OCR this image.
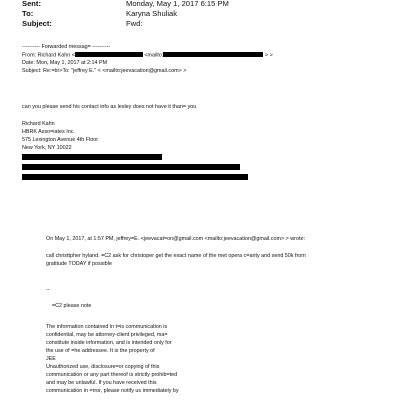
Sent:	Monday, May 1, 2017 6:15 PM
To:	Karyna Shuliak
Subject:	Fwd:
---------- Forwarded messag= ----------
From: Richard Kahn <	<mailto:	> >
Date: Mon, May 1, 2017 at 2:14 PM
Subject: Re:=br>To: "jeffrey E." < <mailto:jeevacation@gmail.com> >
can you please send his contact info as lesley does not have it than= you
Richard Kahn
HBRK Asso=iates Inc.
575 Lexington Avenue 4th Floor
New York, NY 10022
On May 1, 2017, at 1:57 PM, jeffrey=E. <jeevacat=on@gmail.com <mailto:jeevacation@gmail.com> > wrote:
call christtpher hyland. =C2 ask for christoper get the exact name of the met opera c=arity and send 50k from
gratitude TODAY if possible
--
=C2 please note
The information contained in t=is communication is
confidential, may be attorney-client privileged, ma=
constitute inside information, and is intended only for
the use of =he addressee. It is the property of
JEE
Unauthorized use, disclosure=or copying of this
communication or any part thereof is strictly prohib=ted
and may be unlawful. If you have received this
communication in =rror, please notify us immediately by
